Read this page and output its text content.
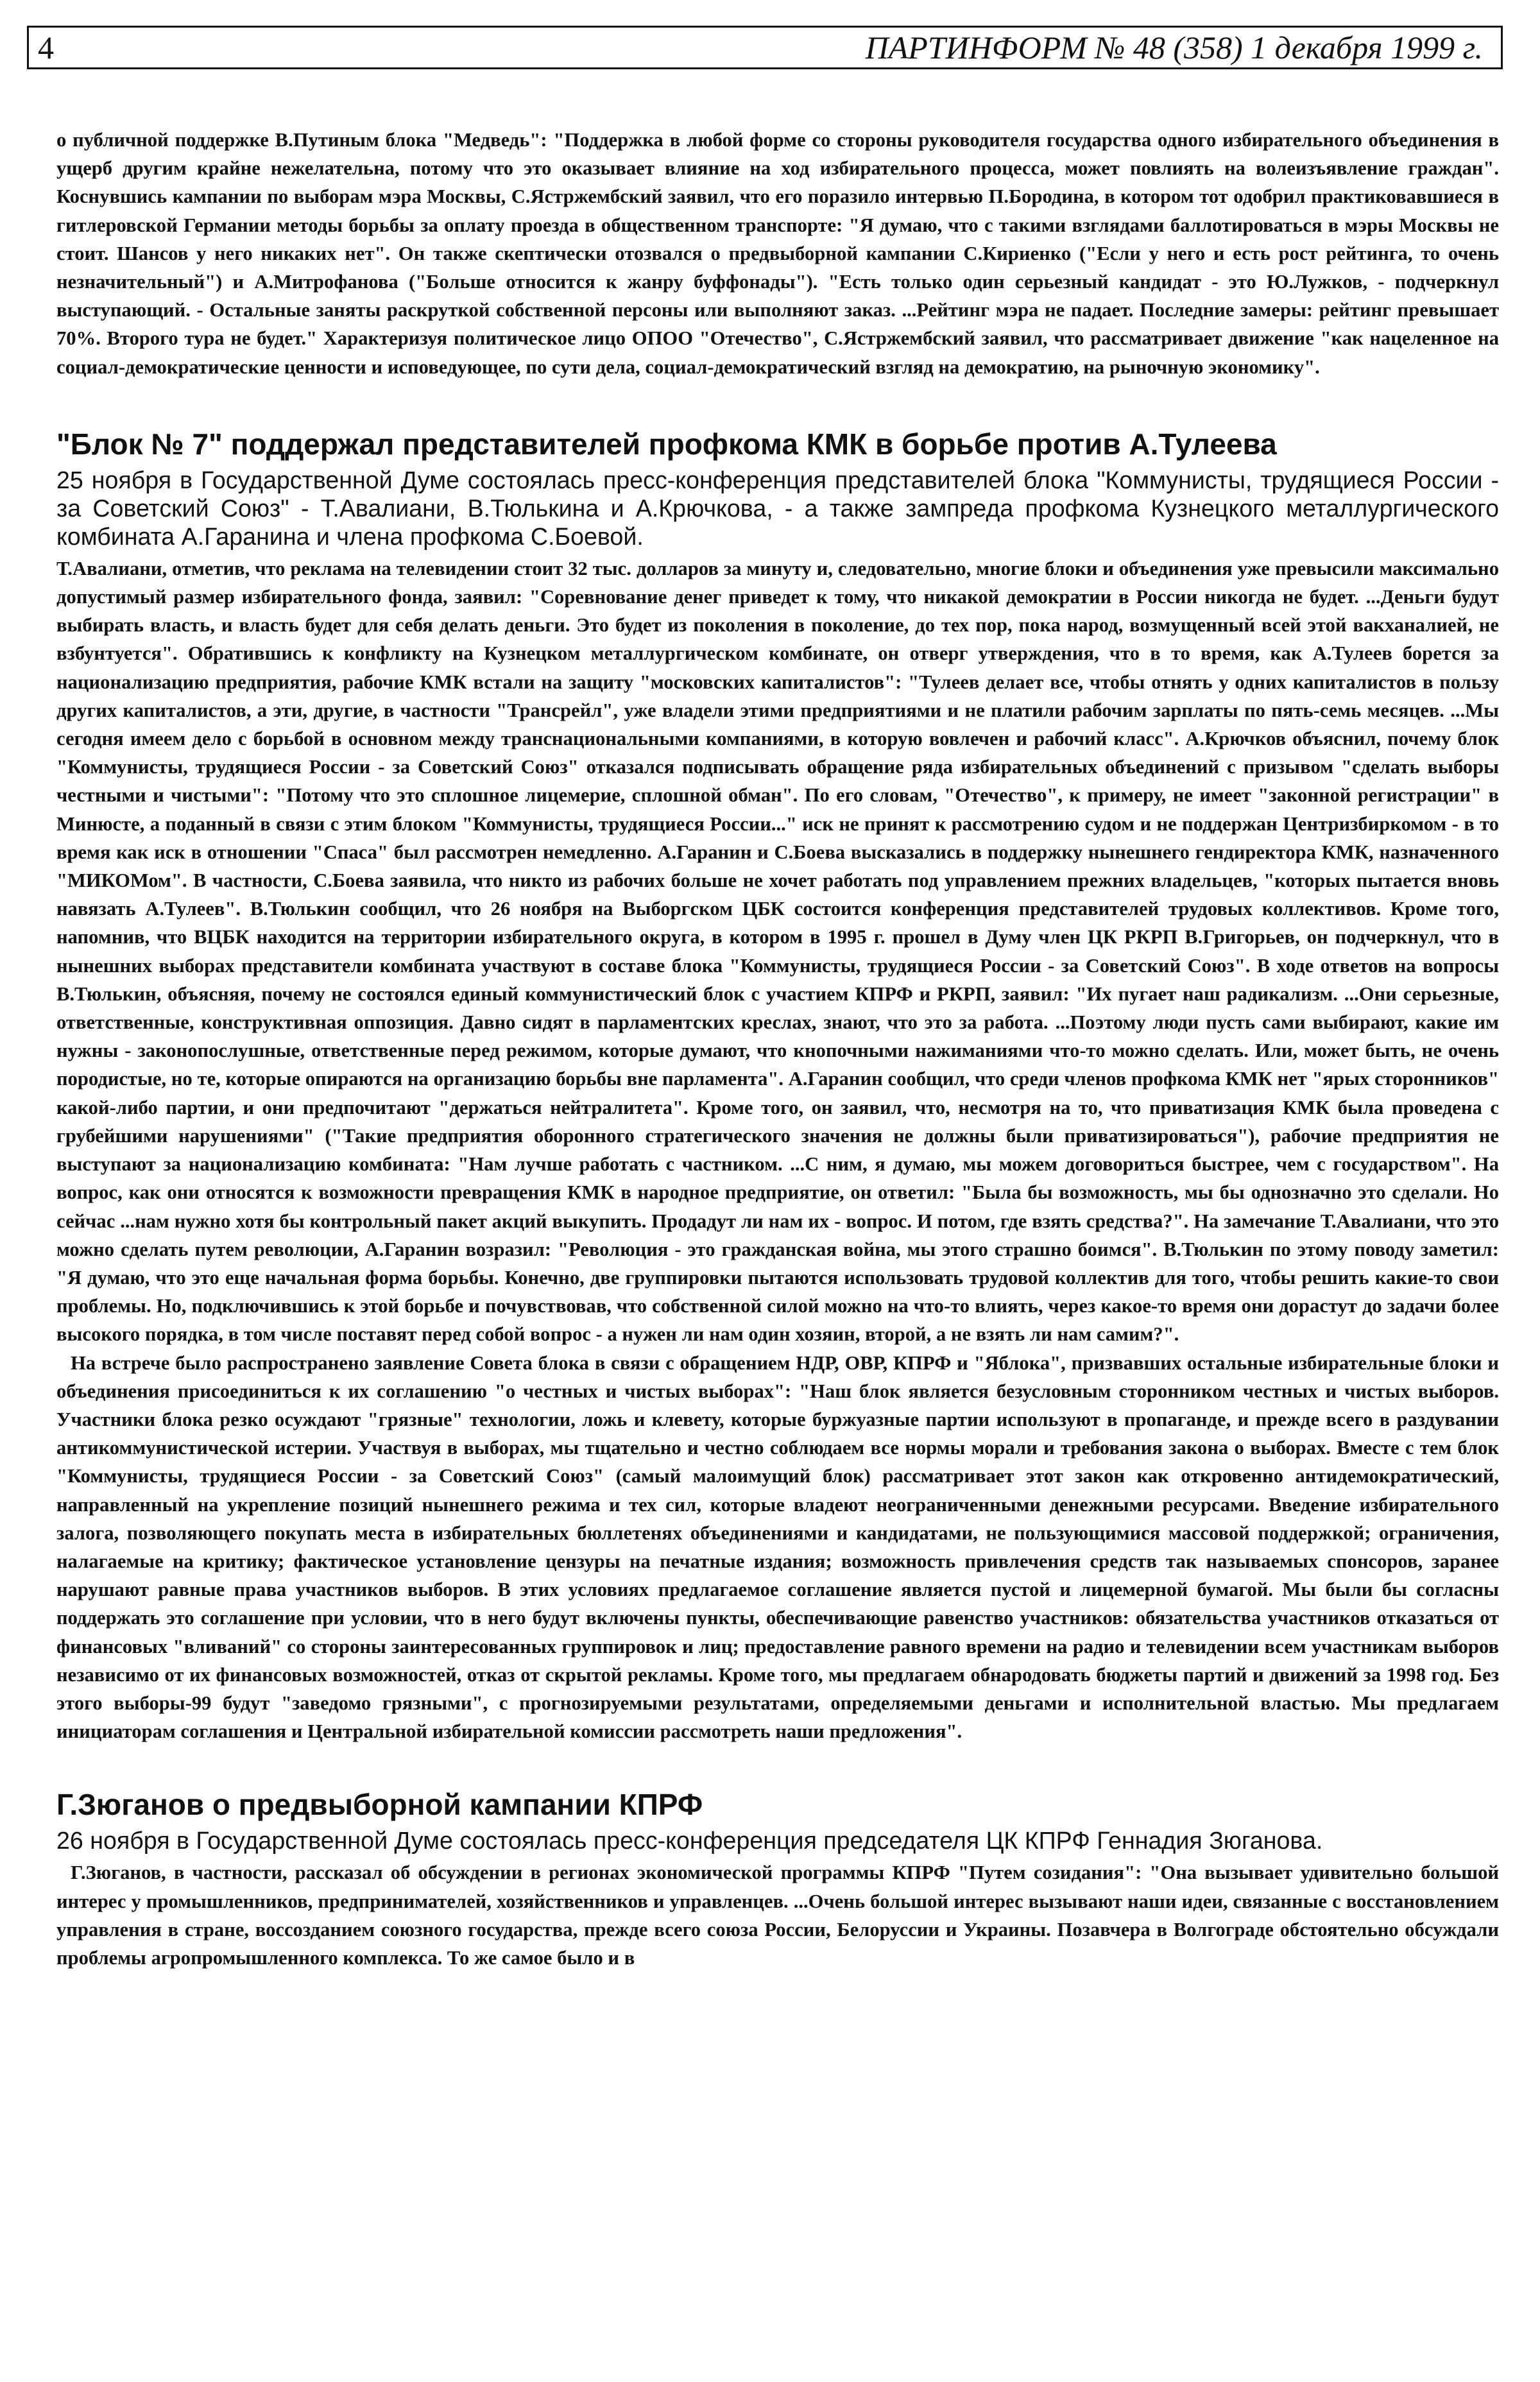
4	ПАРТИНФОРМ № 48 (358) 1 декабря 1999 г.

о публичной поддержке В.Путиным блока "Медведь": "Поддержка в любой форме со стороны руководителя государства одного избирательного объединения в ущерб другим крайне нежелательна, потому что это оказывает влияние на ход избирательного процесса, может повлиять на волеизъявление граждан". Коснувшись кампании по выборам мэра Москвы, С.Ястржембский заявил, что его поразило интервью П.Бородина, в котором тот одобрил практиковавшиеся в гитлеровской Германии методы борьбы за оплату проезда в общественном транспорте: "Я думаю, что с такими взглядами баллотироваться в мэры Москвы не стоит. Шансов у него никаких нет". Он также скептически отозвался о предвыборной кампании С.Кириенко ("Если у него и есть рост рейтинга, то очень незначительный") и А.Митрофанова ("Больше относится к жанру буффонады"). "Есть только один серьезный кандидат - это Ю.Лужков, - подчеркнул выступающий. - Остальные заняты раскруткой собственной персоны или выполняют заказ. ...Рейтинг мэра не падает. Последние замеры: рейтинг превышает 70%. Второго тура не будет." Характеризуя политическое лицо ОПОО "Отечество", С.Ястржембский заявил, что рассматривает движение "как нацеленное на социал-демократические ценности и исповедующее, по сути дела, социал-демократический взгляд на демократию, на рыночную экономику".

"Блок № 7" поддержал представителей профкома КМК в борьбе против А.Тулеева

25 ноября в Государственной Думе состоялась пресс-конференция представителей блока "Коммунисты, трудящиеся России - за Советский Союз" - Т.Авалиани, В.Тюлькина и А.Крючкова, - а также зампреда профкома Кузнецкого металлургического комбината А.Гаранина и члена профкома С.Боевой.

Т.Авалиани, отметив, что реклама на телевидении стоит 32 тыс. долларов за минуту и, следовательно, многие блоки и объединения уже превысили максимально допустимый размер избирательного фонда, заявил: "Соревнование денег приведет к тому, что никакой демократии в России никогда не будет. ...Деньги будут выбирать власть, и власть будет для себя делать деньги. Это будет из поколения в поколение, до тех пор, пока народ, возмущенный всей этой вакханалией, не взбунтуется". Обратившись к конфликту на Кузнецком металлургическом комбинате, он отверг утверждения, что в то время, как А.Тулеев борется за национализацию предприятия, рабочие КМК встали на защиту "московских капиталистов": "Тулеев делает все, чтобы отнять у одних капиталистов в пользу других капиталистов, а эти, другие, в частности "Трансрейл", уже владели этими предприятиями и не платили рабочим зарплаты по пять-семь месяцев. ...Мы сегодня имеем дело с борьбой в основном между транснациональными компаниями, в которую вовлечен и рабочий класс". А.Крючков объяснил, почему блок "Коммунисты, трудящиеся России - за Советский Союз" отказался подписывать обращение ряда избирательных объединений с призывом "сделать выборы честными и чистыми": "Потому что это сплошное лицемерие, сплошной обман". По его словам, "Отечество", к примеру, не имеет "законной регистрации" в Минюсте, а поданный в связи с этим блоком "Коммунисты, трудящиеся России..." иск не принят к рассмотрению судом и не поддержан Центризбиркомом - в то время как иск в отношении "Спаса" был рассмотрен немедленно. А.Гаранин и С.Боева высказались в поддержку нынешнего гендиректора КМК, назначенного "МИКОМом". В частности, С.Боева заявила, что никто из рабочих больше не хочет работать под управлением прежних владельцев, "которых пытается вновь навязать А.Тулеев". В.Тюлькин сообщил, что 26 ноября на Выборгском ЦБК состоится конференция представителей трудовых коллективов. Кроме того, напомнив, что ВЦБК находится на территории избирательного округа, в котором в 1995 г. прошел в Думу член ЦК РКРП В.Григорьев, он подчеркнул, что в нынешних выборах представители комбината участвуют в составе блока "Коммунисты, трудящиеся России - за Советский Союз". В ходе ответов на вопросы В.Тюлькин, объясняя, почему не состоялся единый коммунистический блок с участием КПРФ и РКРП, заявил: "Их пугает наш радикализм. ...Они серьезные, ответственные, конструктивная оппозиция. Давно сидят в парламентских креслах, знают, что это за работа. ...Поэтому люди пусть сами выбирают, какие им нужны - законопослушные, ответственные перед режимом, которые думают, что кнопочными нажиманиями что-то можно сделать. Или, может быть, не очень породистые, но те, которые опираются на организацию борьбы вне парламента". А.Гаранин сообщил, что среди членов профкома КМК нет "ярых сторонников" какой-либо партии, и они предпочитают "держаться нейтралитета". Кроме того, он заявил, что, несмотря на то, что приватизация КМК была проведена с грубейшими нарушениями" ("Такие предприятия оборонного стратегического значения не должны были приватизироваться"), рабочие предприятия не выступают за национализацию комбината: "Нам лучше работать с частником. ...С ним, я думаю, мы можем договориться быстрее, чем с государством". На вопрос, как они относятся к возможности превращения КМК в народное предприятие, он ответил: "Была бы возможность, мы бы однозначно это сделали. Но сейчас ...нам нужно хотя бы контрольный пакет акций выкупить. Продадут ли нам их - вопрос. И потом, где взять средства?". На замечание Т.Авалиани, что это можно сделать путем революции, А.Гаранин возразил: "Революция - это гражданская война, мы этого страшно боимся". В.Тюлькин по этому поводу заметил: "Я думаю, что это еще начальная форма борьбы. Конечно, две группировки пытаются использовать трудовой коллектив для того, чтобы решить какие-то свои проблемы. Но, подключившись к этой борьбе и почувствовав, что собственной силой можно на что-то влиять, через какое-то время они дорастут до задачи более высокого порядка, в том числе поставят перед собой вопрос - а нужен ли нам один хозяин, второй, а не взять ли нам самим?".

На встрече было распространено заявление Совета блока в связи с обращением НДР, ОВР, КПРФ и "Яблока", призвавших остальные избирательные блоки и объединения присоединиться к их соглашению "о честных и чистых выборах": "Наш блок является безусловным сторонником честных и чистых выборов. Участники блока резко осуждают "грязные" технологии, ложь и клевету, которые буржуазные партии используют в пропаганде, и прежде всего в раздувании антикоммунистической истерии. Участвуя в выборах, мы тщательно и честно соблюдаем все нормы морали и требования закона о выборах. Вместе с тем блок "Коммунисты, трудящиеся России - за Советский Союз" (самый малоимущий блок) рассматривает этот закон как откровенно антидемократический, направленный на укрепление позиций нынешнего режима и тех сил, которые владеют неограниченными денежными ресурсами. Введение избирательного залога, позволяющего покупать места в избирательных бюллетенях объединениями и кандидатами, не пользующимися массовой поддержкой; ограничения, налагаемые на критику; фактическое установление цензуры на печатные издания; возможность привлечения средств так называемых спонсоров, заранее нарушают равные права участников выборов. В этих условиях предлагаемое соглашение является пустой и лицемерной бумагой. Мы были бы согласны поддержать это соглашение при условии, что в него будут включены пункты, обеспечивающие равенство участников: обязательства участников отказаться от финансовых "вливаний" со стороны заинтересованных группировок и лиц; предоставление равного времени на радио и телевидении всем участникам выборов независимо от их финансовых возможностей, отказ от скрытой рекламы. Кроме того, мы предлагаем обнародовать бюджеты партий и движений за 1998 год. Без этого выборы-99 будут "заведомо грязными", с прогнозируемыми результатами, определяемыми деньгами и исполнительной властью. Мы предлагаем инициаторам соглашения и Центральной избирательной комиссии рассмотреть наши предложения".

Г.Зюганов о предвыборной кампании КПРФ

26 ноября в Государственной Думе состоялась пресс-конференция председателя ЦК КПРФ Геннадия Зюганова.

Г.Зюганов, в частности, рассказал об обсуждении в регионах экономической программы КПРФ "Путем созидания": "Она вызывает удивительно большой интерес у промышленников, предпринимателей, хозяйственников и управленцев. ...Очень большой интерес вызывают наши идеи, связанные с восстановлением управления в стране, воссозданием союзного государства, прежде всего союза России, Белоруссии и Украины. Позавчера в Волгограде обстоятельно обсуждали проблемы агропромышленного комплекса. То же самое было и в
